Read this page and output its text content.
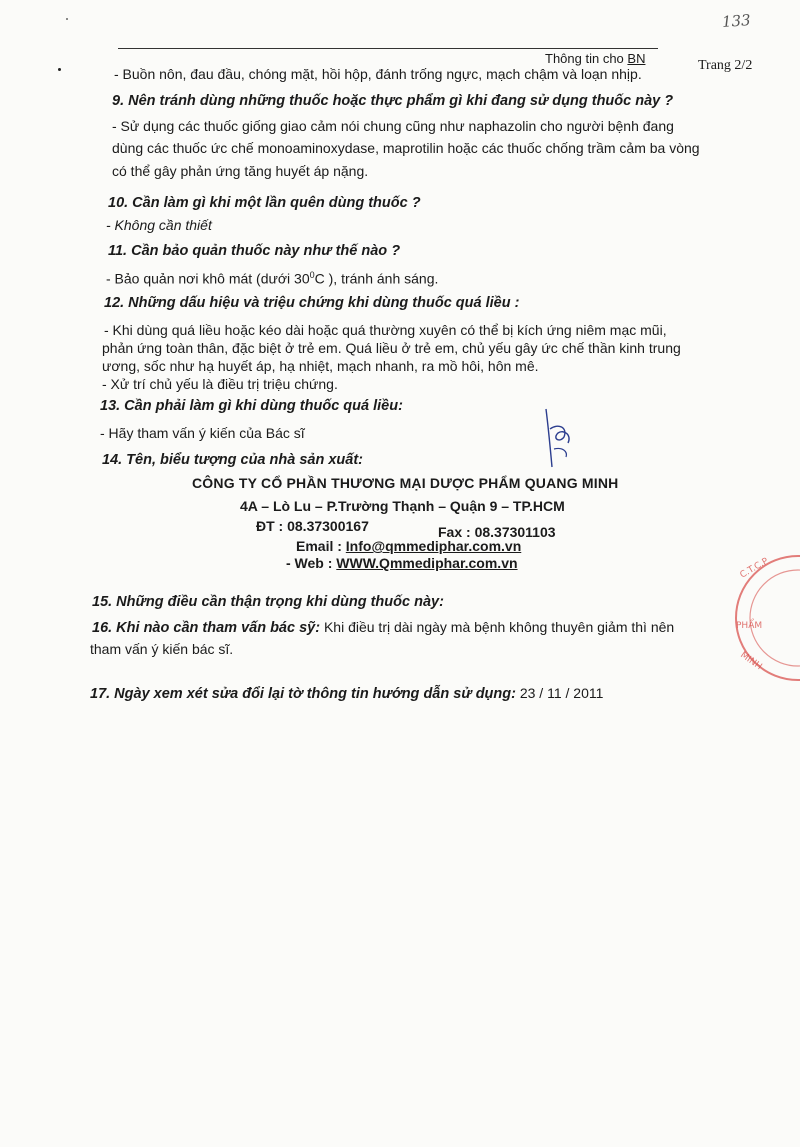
133
Thông tin cho BN	Trang 2/2
- Buồn nôn, đau đầu, chóng mặt, hồi hộp, đánh trống ngực, mạch chậm và loạn nhịp.
9. Nên tránh dùng những thuốc hoặc thực phẩm gì khi đang sử dụng thuốc này ?
- Sử dụng các thuốc giống giao cảm nói chung cũng như naphazolin cho người bệnh đang
dùng các thuốc ức chế monoaminoxydase, maprotilin hoặc các thuốc chống trầm cảm ba vòng
có thể gây phản ứng tăng huyết áp nặng.
10. Cần làm gì khi một lần quên dùng thuốc ?
- Không cần thiết
11. Cần bảo quản thuốc này như thế nào ?
- Bảo quản nơi khô mát (dưới $30^0C$ ), tránh ánh sáng.
12. Những dấu hiệu và triệu chứng khi dùng thuốc quá liều :
- Khi dùng quá liều hoặc kéo dài hoặc quá thường xuyên có thể bị kích ứng niêm mạc mũi,
phản ứng toàn thân, đặc biệt ở trẻ em. Quá liều ở trẻ em, chủ yếu gây ức chế thần kinh trung
ương, sốc như hạ huyết áp, hạ nhiệt, mạch nhanh, ra mồ hôi, hôn mê.
- Xử trí chủ yếu là điều trị triệu chứng.
13. Cần phải làm gì khi dùng thuốc quá liều:
- Hãy tham vấn ý kiến của Bác sĩ
14. Tên, biểu tượng của nhà sản xuất:
CÔNG TY CỔ PHẦN THƯƠNG MẠI DƯỢC PHẨM QUANG MINH
4A – Lò Lu – P.Trường Thạnh – Quận 9 – TP.HCM
ĐT : 08.37300167	Fax : 08.37301103
Email : Info@qmmediphar.com.vn
- Web : WWW.Qmmediphar.com.vn
15. Những điều cần thận trọng khi dùng thuốc này:
16. Khi nào cần tham vấn bác sỹ: Khi điều trị dài ngày mà bệnh không thuyên giảm thì nên
tham vấn ý kiến bác sĩ.
17. Ngày xem xét sửa đổi lại tờ thông tin hướng dẫn sử dụng: 23 / 11 / 2011
C.T.C.P
PHẨM
MINH
